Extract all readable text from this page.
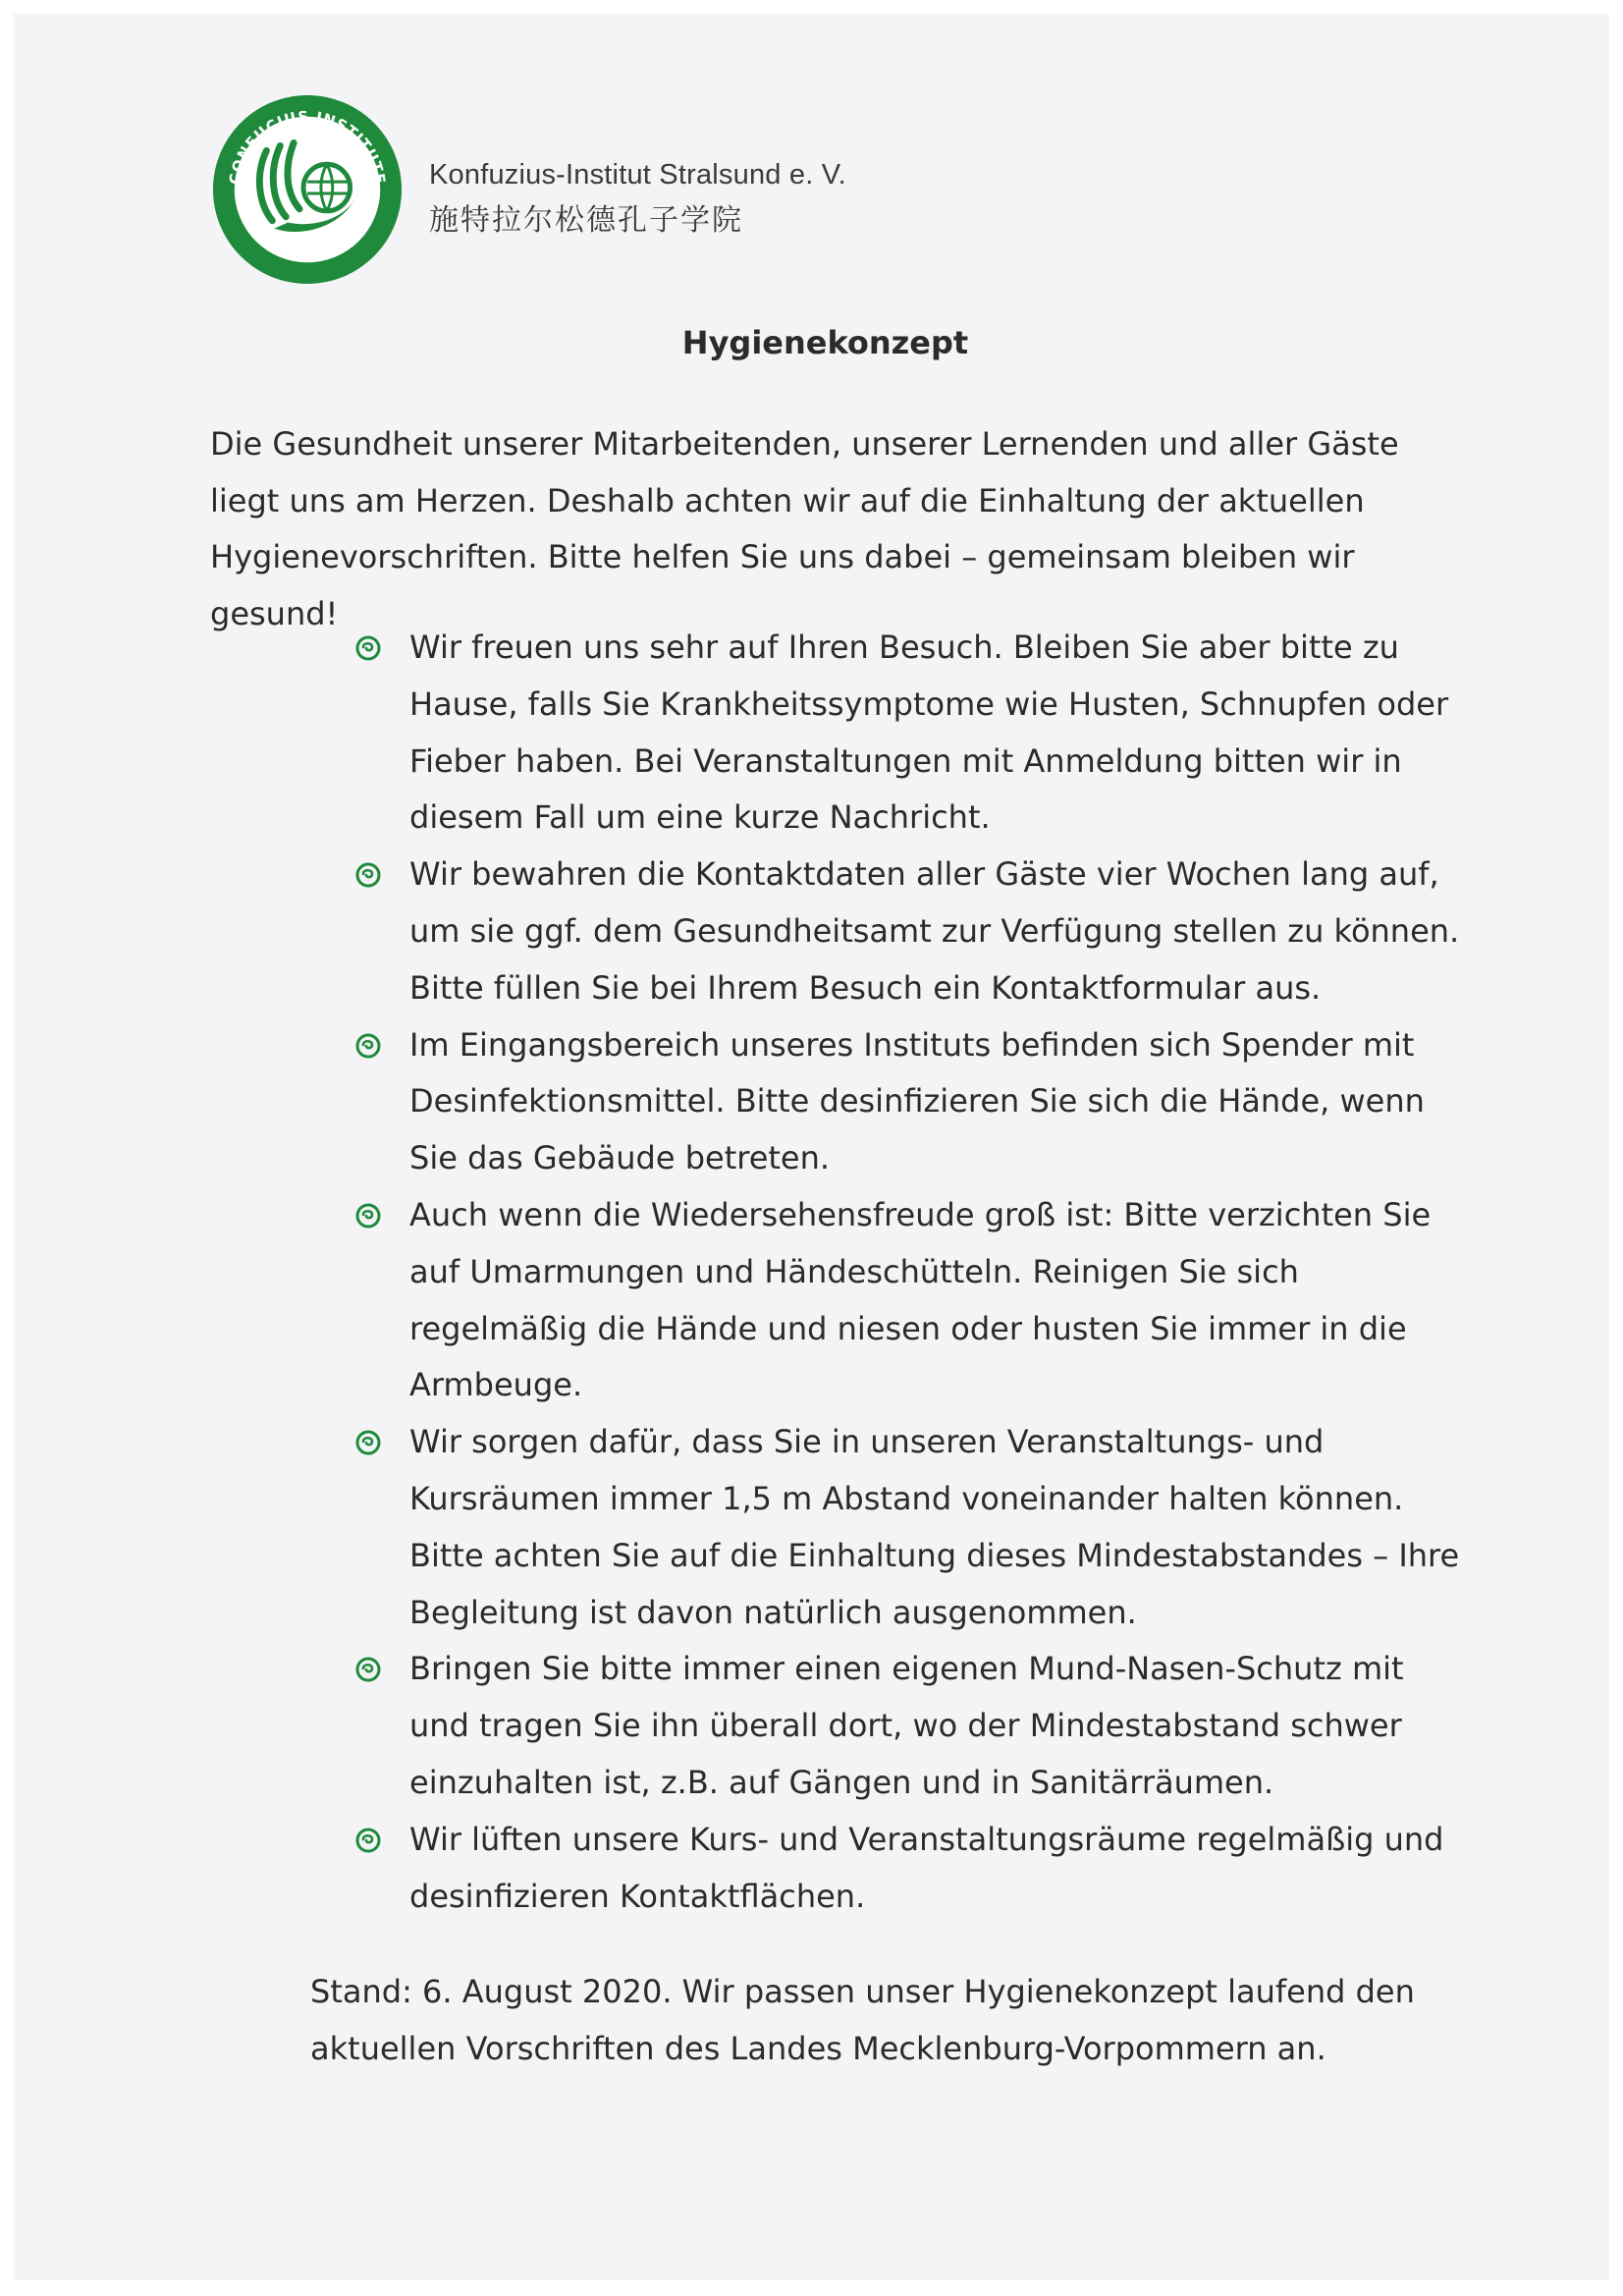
CONFUCIUS INSTITUTE
孔子学院
Konfuzius-Institut Stralsund e. V.
施特拉尔松德孔子学院
Hygienekonzept
Die Gesundheit unserer Mitarbeitenden, unserer Lernenden und aller Gäste liegt uns am Herzen. Deshalb achten wir auf die Einhaltung der aktuellen Hygienevorschriften. Bitte helfen Sie uns dabei – gemeinsam bleiben wir gesund!
Wir freuen uns sehr auf Ihren Besuch. Bleiben Sie aber bitte zu Hause, falls Sie Krankheitssymptome wie Husten, Schnupfen oder Fieber haben. Bei Veranstaltungen mit Anmeldung bitten wir in diesem Fall um eine kurze Nachricht.
Wir bewahren die Kontaktdaten aller Gäste vier Wochen lang auf, um sie ggf. dem Gesundheitsamt zur Verfügung stellen zu können. Bitte füllen Sie bei Ihrem Besuch ein Kontaktformular aus.
Im Eingangsbereich unseres Instituts befinden sich Spender mit Desinfektionsmittel. Bitte desinfizieren Sie sich die Hände, wenn Sie das Gebäude betreten.
Auch wenn die Wiedersehensfreude groß ist: Bitte verzichten Sie auf Umarmungen und Händeschütteln. Reinigen Sie sich regelmäßig die Hände und niesen oder husten Sie immer in die Armbeuge.
Wir sorgen dafür, dass Sie in unseren Veranstaltungs- und Kursräumen immer 1,5 m Abstand voneinander halten können. Bitte achten Sie auf die Einhaltung dieses Mindestabstandes – Ihre Begleitung ist davon natürlich ausgenommen.
Bringen Sie bitte immer einen eigenen Mund-Nasen-Schutz mit und tragen Sie ihn überall dort, wo der Mindestabstand schwer einzuhalten ist, z.B. auf Gängen und in Sanitärräumen.
Wir lüften unsere Kurs- und Veranstaltungsräume regelmäßig und desinfizieren Kontaktflächen.
Stand: 6. August 2020. Wir passen unser Hygienekonzept laufend den aktuellen Vorschriften des Landes Mecklenburg-Vorpommern an.
